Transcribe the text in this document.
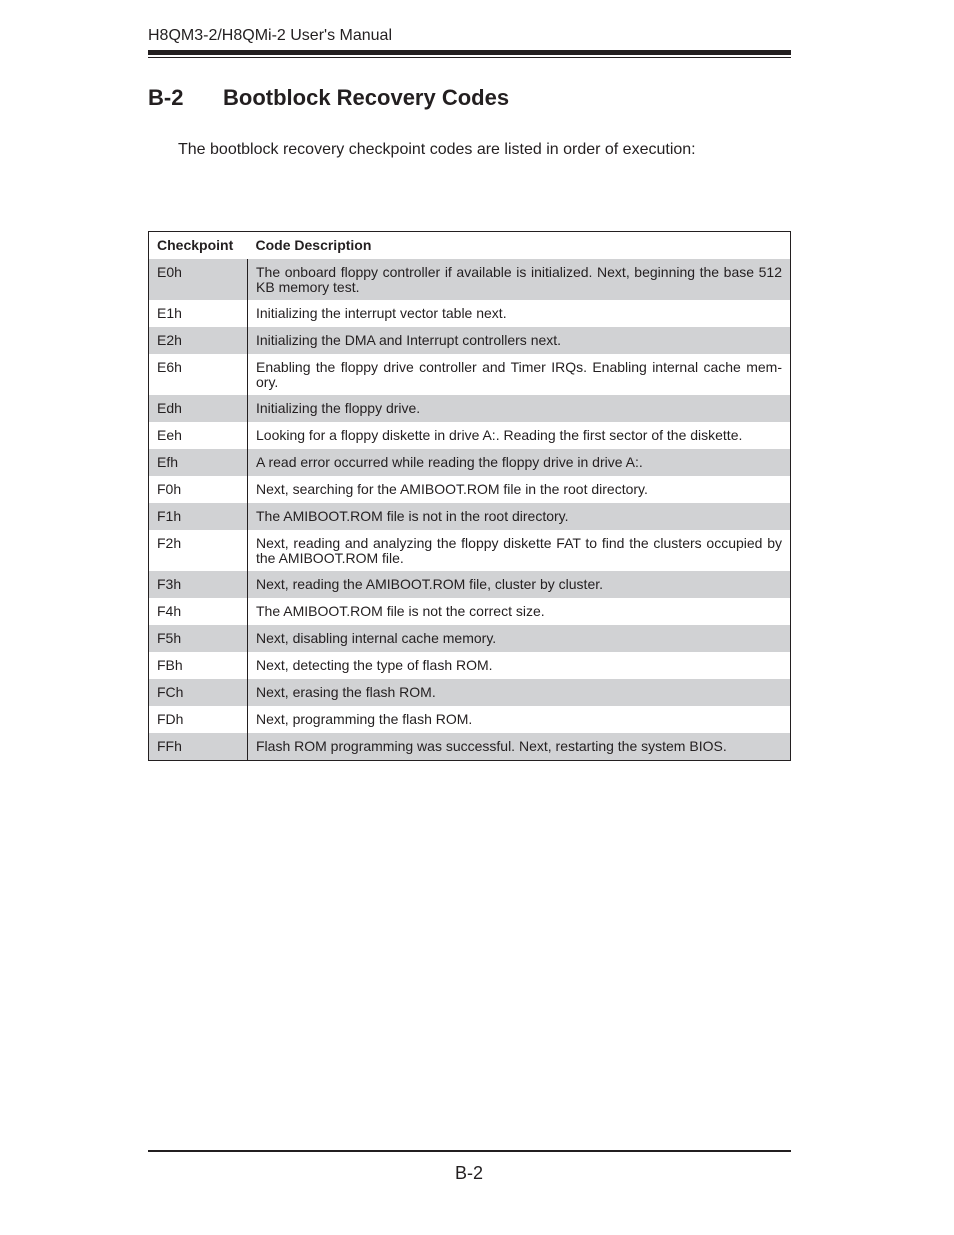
H8QM3-2/H8QMi-2 User's Manual
B-2 Bootblock Recovery Codes
The bootblock recovery checkpoint codes are listed in order of execution:
Checkpoint	Code Description
E0h	The onboard floppy controller if available is initialized. Next, beginning the base 512 KB memory test.
E1h	Initializing the interrupt vector table next.
E2h	Initializing the DMA and Interrupt controllers next.
E6h	Enabling the floppy drive controller and Timer IRQs. Enabling internal cache mem-ory.
Edh	Initializing the floppy drive.
Eeh	Looking for a floppy diskette in drive A:. Reading the first sector of the diskette.
Efh	A read error occurred while reading the floppy drive in drive A:.
F0h	Next, searching for the AMIBOOT.ROM file in the root directory.
F1h	The AMIBOOT.ROM file is not in the root directory.
F2h	Next, reading and analyzing the floppy diskette FAT to find the clusters occupied by the AMIBOOT.ROM file.
F3h	Next, reading the AMIBOOT.ROM file, cluster by cluster.
F4h	The AMIBOOT.ROM file is not the correct size.
F5h	Next, disabling internal cache memory.
FBh	Next, detecting the type of flash ROM.
FCh	Next, erasing the flash ROM.
FDh	Next, programming the flash ROM.
FFh	Flash ROM programming was successful. Next, restarting the system BIOS.
B-2
